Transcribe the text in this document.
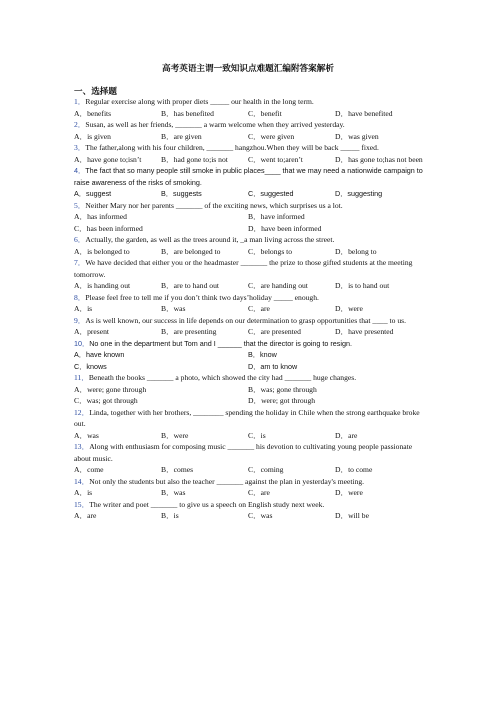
高考英语主谓一致知识点难题汇编附答案解析
一、选择题

1．Regular exercise along with proper diets _____ our health in the long term.

A．benefits	B．has benefited	C．benefit	D．have benefited

2．Susan, as well as her friends, _______ a warm welcome when they arrived yesterday.

A．is given	B．are given	C．were given	D．was given

3．The father,along with his four children, _______ hangzhou.When they will be back _____ fixed.

A．have gone to;isn’t	B．had gone to;is not	C．went to;aren’t	D．has gone to;has not been

4．The fact that so many people still smoke in public places____ that we may need a nationwide campaign to raise awareness of the risks of smoking.

A．suggest	B．suggests	C．suggested	D．suggesting

5．Neither Mary nor her parents _______ of the exciting news, which surprises us a lot.

A．has informed	B．have informed
C．has been informed	D．have been informed

6．Actually, the garden, as well as the trees around it, _a man living across the street.

A．is belonged to	B．are belonged to	C．belongs to	D．belong to

7．We have decided that either you or the headmaster _______ the prize to those gifted students at the meeting tomorrow.

A．is handing out	B．are to hand out	C．are handing out	D．is to hand out

8．Please feel free to tell me if you don’t think two days’holiday _____ enough.

A．is	B．was	C．are	D．were

9．As is well known, our success in life depends on our determination to grasp opportunities that ____ to us.

A．present	B．are presenting	C．are presented	D．have presented

10．No one in the department but Tom and I ______ that the director is going to resign.

A．have known	B．know
C．knows	D．am to know

11．Beneath the books _______ a photo, which showed the city had _______ huge changes.

A．were; gone through	B．was; gone through
C．was; got through	D．were; got through

12．Linda, together with her brothers, ________ spending the holiday in Chile when the strong earthquake broke out.

A．was	B．were	C．is	D．are

13．Along with enthusiasm for composing music _______ his devotion to cultivating young people passionate about music.

A．come	B．comes	C．coming	D．to come

14．Not only the students but also the teacher _______ against the plan in yesterday's meeting.

A．is	B．was	C．are	D．were

15．The writer and poet _______ to give us a speech on English study next week.

A．are	B．is	C．was	D．will be
